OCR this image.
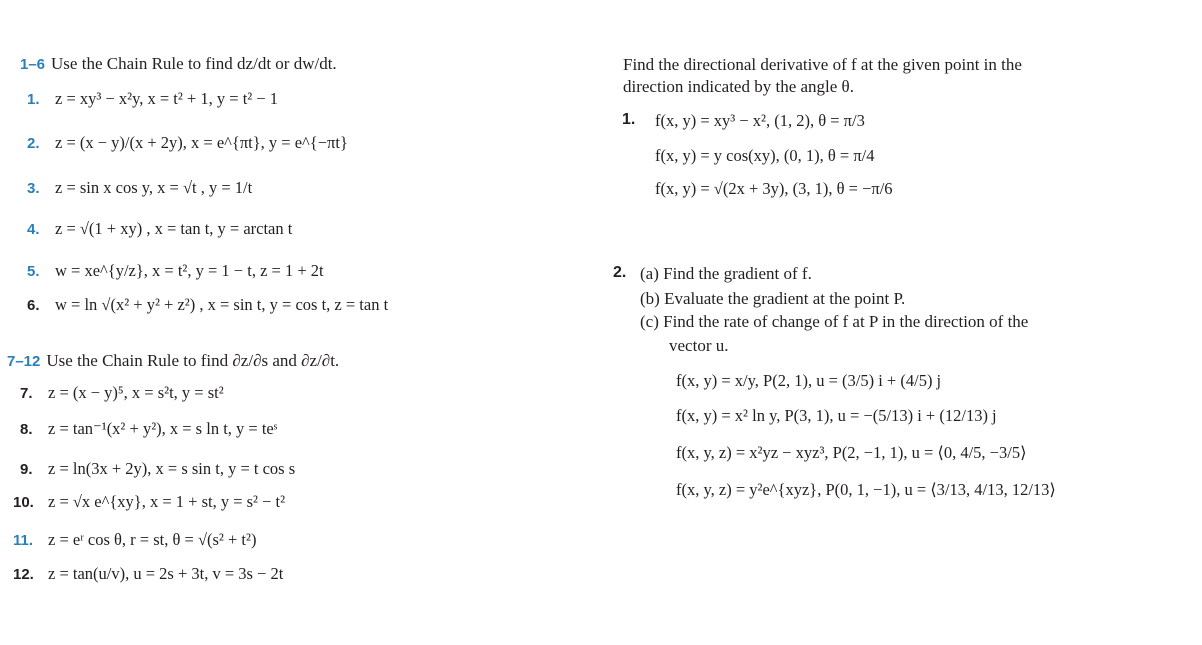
1–6 Use the Chain Rule to find dz/dt or dw/dt.
1. z = xy³ − x²y, x = t² + 1, y = t² − 1
2. z = (x − y)/(x + 2y), x = e^{πt}, y = e^{−πt}
3. z = sin x cos y, x = √t , y = 1/t
4. z = √(1 + xy) , x = tan t, y = arctan t
5. w = xe^{y/z}, x = t², y = 1 − t, z = 1 + 2t
6. w = ln √(x² + y² + z²) , x = sin t, y = cos t, z = tan t
7–12 Use the Chain Rule to find ∂z/∂s and ∂z/∂t.
7. z = (x − y)⁵, x = s²t, y = st²
8. z = tan⁻¹(x² + y²), x = s ln t, y = teˢ
9. z = ln(3x + 2y), x = s sin t, y = t cos s
10. z = √x e^{xy}, x = 1 + st, y = s² − t²
11. z = eʳ cos θ, r = st, θ = √(s² + t²)
12. z = tan(u/v), u = 2s + 3t, v = 3s − 2t
Find the directional derivative of f at the given point in the
direction indicated by the angle θ.
1.	f(x, y) = xy³ − x², (1, 2), θ = π/3
f(x, y) = y cos(xy), (0, 1), θ = π/4
f(x, y) = √(2x + 3y), (3, 1), θ = −π/6
2. (a) Find the gradient of f.
(b) Evaluate the gradient at the point P.
(c) Find the rate of change of f at P in the direction of the
vector u.
f(x, y) = x/y, P(2, 1), u = (3/5) i + (4/5) j
f(x, y) = x² ln y, P(3, 1), u = −(5/13) i + (12/13) j
f(x, y, z) = x²yz − xyz³, P(2, −1, 1), u = ⟨0, 4/5, −3/5⟩
f(x, y, z) = y²e^{xyz}, P(0, 1, −1), u = ⟨3/13, 4/13, 12/13⟩
